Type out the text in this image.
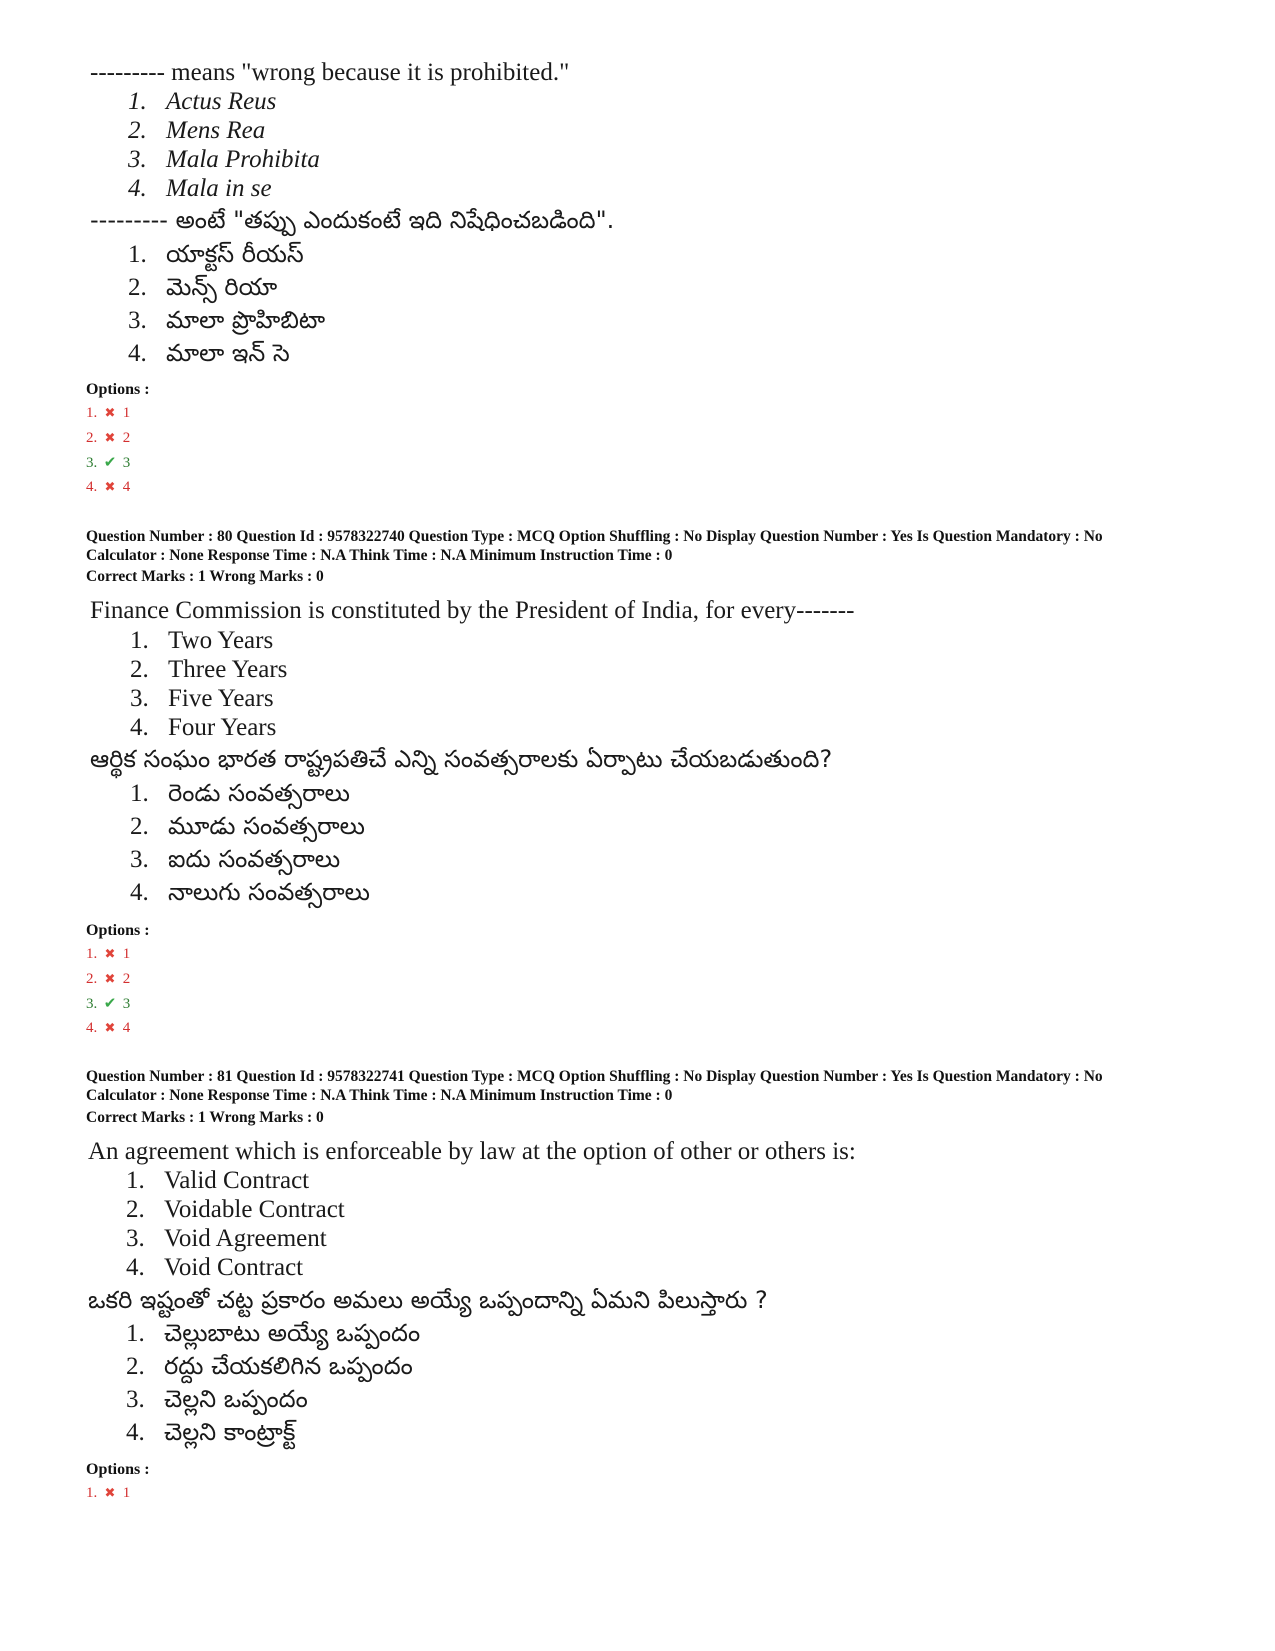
--------- means "wrong because it is prohibited."
1. Actus Reus
2. Mens Rea
3. Mala Prohibita
4. Mala in se
--------- అంటే "తప్పు ఎందుకంటే ఇది నిషేధించబడింది".
1. యాక్టస్ రీయస్
2. మెన్స్ రియా
3. మాలా ప్రొహిబిటా
4. మాలా ఇన్ సె
Options :
1. ✖ 1
2. ✖ 2
3. ✔ 3
4. ✖ 4
Question Number : 80 Question Id : 9578322740 Question Type : MCQ Option Shuffling : No Display Question Number : Yes Is Question Mandatory : No
Calculator : None Response Time : N.A Think Time : N.A Minimum Instruction Time : 0
Correct Marks : 1 Wrong Marks : 0
Finance Commission is constituted by the President of India, for every-------
1. Two Years
2. Three Years
3. Five Years
4. Four Years
ఆర్థిక సంఘం భారత రాష్ట్రపతిచే ఎన్ని సంవత్సరాలకు ఏర్పాటు చేయబడుతుంది?
1. రెండు సంవత్సరాలు
2. మూడు సంవత్సరాలు
3. ఐదు సంవత్సరాలు
4. నాలుగు సంవత్సరాలు
Options :
1. ✖ 1
2. ✖ 2
3. ✔ 3
4. ✖ 4
Question Number : 81 Question Id : 9578322741 Question Type : MCQ Option Shuffling : No Display Question Number : Yes Is Question Mandatory : No
Calculator : None Response Time : N.A Think Time : N.A Minimum Instruction Time : 0
Correct Marks : 1 Wrong Marks : 0
An agreement which is enforceable by law at the option of other or others is:
1. Valid Contract
2. Voidable Contract
3. Void Agreement
4. Void Contract
ఒకరి ఇష్టంతో చట్ట ప్రకారం అమలు అయ్యే ఒప్పందాన్ని ఏమని పిలుస్తారు ?
1. చెల్లుబాటు అయ్యే ఒప్పందం
2. రద్దు చేయకలిగిన ఒప్పందం
3. చెల్లని ఒప్పందం
4. చెల్లని కాంట్రాక్ట్
Options :
1. ✖ 1
